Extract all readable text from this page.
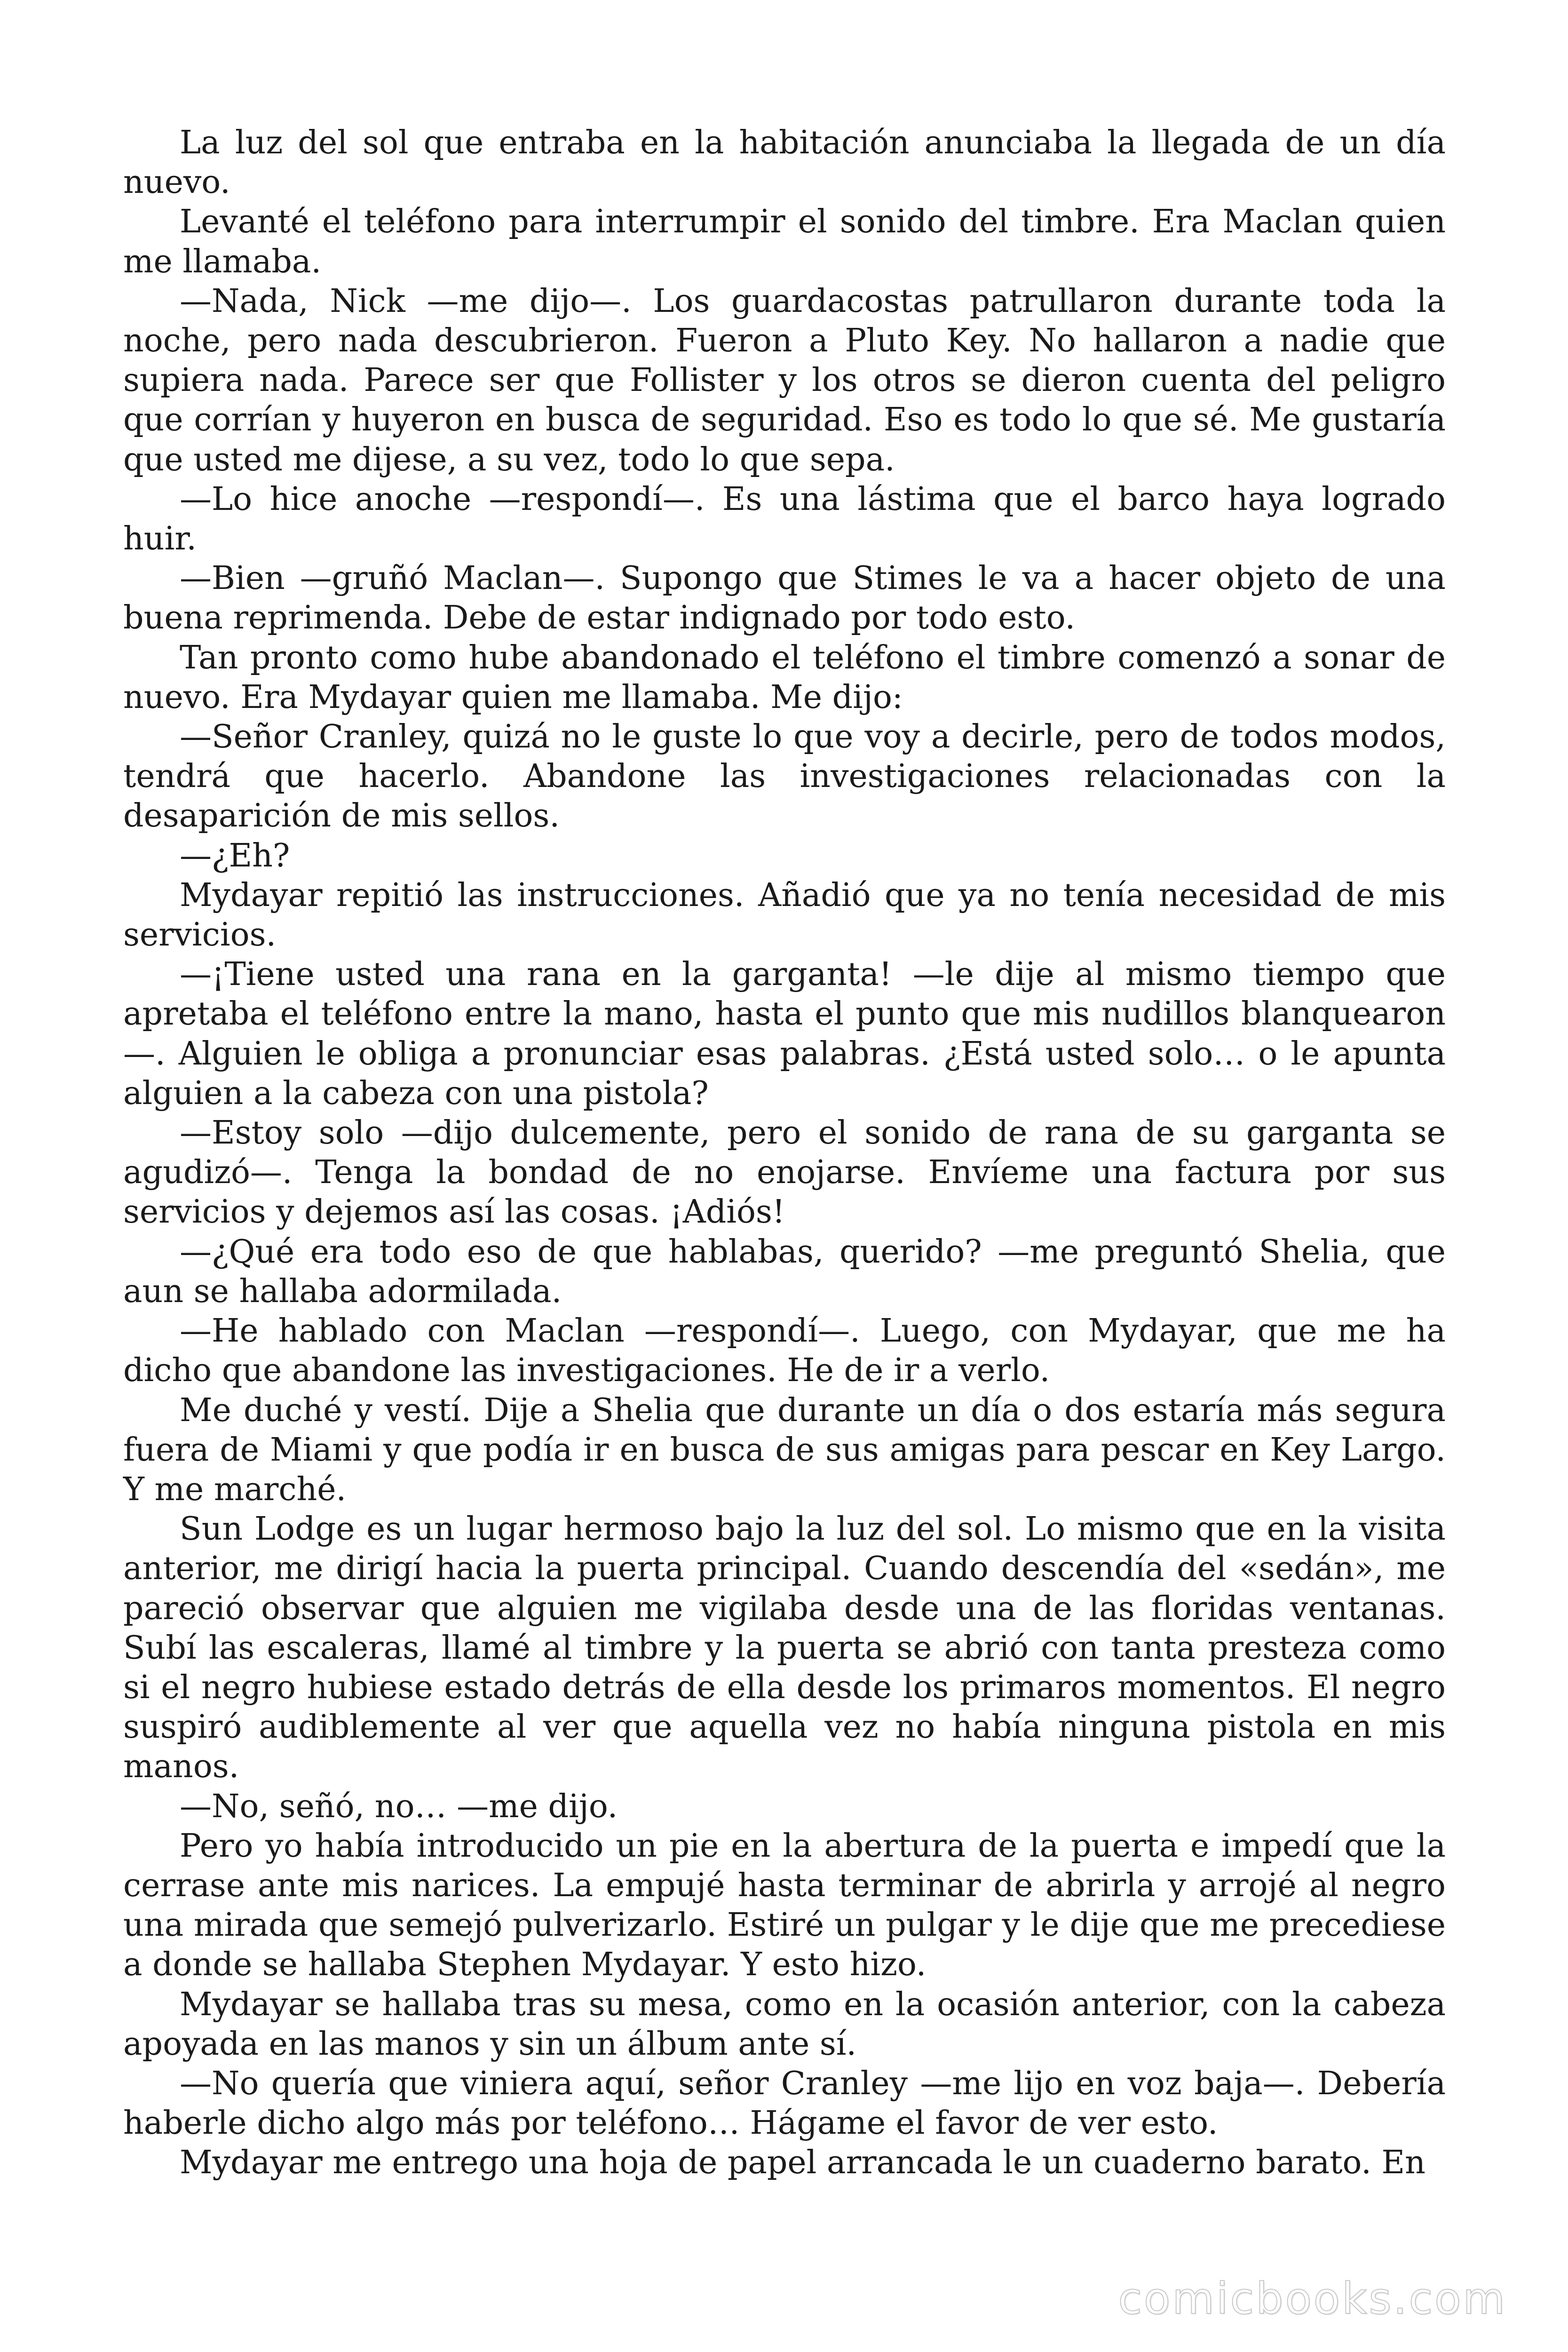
La luz del sol que entraba en la habitación anunciaba la llegada de un día nuevo.

Levanté el teléfono para interrumpir el sonido del timbre. Era Maclan quien me llamaba.

—Nada, Nick —me dijo—. Los guardacostas patrullaron durante toda la noche, pero nada descubrieron. Fueron a Pluto Key. No hallaron a nadie que supiera nada. Parece ser que Follister y los otros se dieron cuenta del peligro que corrían y huyeron en busca de seguridad. Eso es todo lo que sé. Me gustaría que usted me dijese, a su vez, todo lo que sepa.

—Lo hice anoche —respondí—. Es una lástima que el barco haya logrado huir.

—Bien —gruñó Maclan—. Supongo que Stimes le va a hacer objeto de una buena reprimenda. Debe de estar indignado por todo esto.

Tan pronto como hube abandonado el teléfono el timbre comenzó a sonar de nuevo. Era Mydayar quien me llamaba. Me dijo:

—Señor Cranley, quizá no le guste lo que voy a decirle, pero de todos modos, tendrá que hacerlo. Abandone las investigaciones relacionadas con la desaparición de mis sellos.

—¿Eh?

Mydayar repitió las instrucciones. Añadió que ya no tenía necesidad de mis servicios.

—¡Tiene usted una rana en la garganta! —le dije al mismo tiempo que apretaba el teléfono entre la mano, hasta el punto que mis nudillos blanquearon—. Alguien le obliga a pronunciar esas palabras. ¿Está usted solo… o le apunta alguien a la cabeza con una pistola?

—Estoy solo —dijo dulcemente, pero el sonido de rana de su garganta se agudizó—. Tenga la bondad de no enojarse. Envíeme una factura por sus servicios y dejemos así las cosas. ¡Adiós!

—¿Qué era todo eso de que hablabas, querido? —me preguntó Shelia, que aun se hallaba adormilada.

—He hablado con Maclan —respondí—. Luego, con Mydayar, que me ha dicho que abandone las investigaciones. He de ir a verlo.

Me duché y vestí. Dije a Shelia que durante un día o dos estaría más segura fuera de Miami y que podía ir en busca de sus amigas para pescar en Key Largo. Y me marché.

Sun Lodge es un lugar hermoso bajo la luz del sol. Lo mismo que en la visita anterior, me dirigí hacia la puerta principal. Cuando descendía del «sedán», me pareció observar que alguien me vigilaba desde una de las floridas ventanas. Subí las escaleras, llamé al timbre y la puerta se abrió con tanta presteza como si el negro hubiese estado detrás de ella desde los primaros momentos. El negro suspiró audiblemente al ver que aquella vez no había ninguna pistola en mis manos.

—No, señó, no… —me dijo.

Pero yo había introducido un pie en la abertura de la puerta e impedí que la cerrase ante mis narices. La empujé hasta terminar de abrirla y arrojé al negro una mirada que semejó pulverizarlo. Estiré un pulgar y le dije que me precediese a donde se hallaba Stephen Mydayar. Y esto hizo.

Mydayar se hallaba tras su mesa, como en la ocasión anterior, con la cabeza apoyada en las manos y sin un álbum ante sí.

—No quería que viniera aquí, señor Cranley —me lijo en voz baja—. Debería haberle dicho algo más por teléfono… Hágame el favor de ver esto.

Mydayar me entrego una hoja de papel arrancada le un cuaderno barato. En

comicbooks.com
